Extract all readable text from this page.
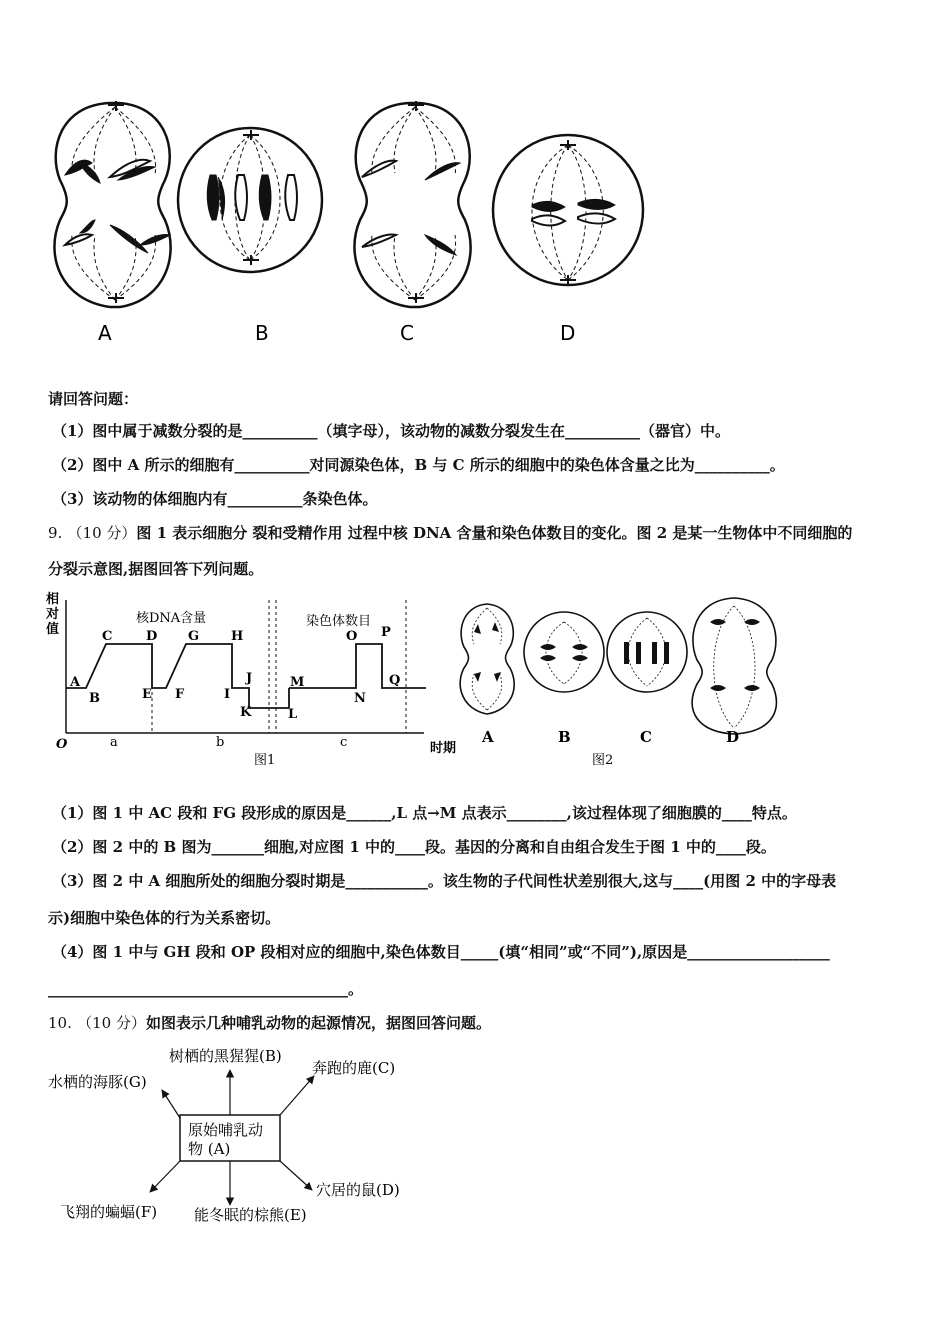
A	B	C	D
请回答问题：
（1）图中属于减数分裂的是__________（填字母），该动物的减数分裂发生在__________（器官）中。
（2）图中 A 所示的细胞有__________对同源染色体，B 与 C 所示的细胞中的染色体含量之比为__________。
（3）该动物的体细胞内有__________条染色体。
9. （10 分）图 1 表示细胞分 裂和受精作用 过程中核 DNA 含量和染色体数目的变化。图 2 是某一生物体中不同细胞的
分裂示意图,据图回答下列问题。
相
对
值
O	时期
核DNA含量	染色体数目
A
B
C	D
E F
G H
I
J
K	L
M
N
O P
Q
a	b	c
图1
A	B	C	D
图2
（1）图 1 中 AC 段和 FG 段形成的原因是______,L 点→M 点表示________,该过程体现了细胞膜的____特点。
（2）图 2 中的 B 图为_______细胞,对应图 1 中的____段。基因的分离和自由组合发生于图 1 中的____段。
（3）图 2 中 A 细胞所处的细胞分裂时期是___________。该生物的子代间性状差别很大,这与____(用图 2 中的字母表
示)细胞中染色体的行为关系密切。
（4）图 1 中与 GH 段和 OP 段相对应的细胞中,染色体数目_____(填“相同”或“不同”),原因是___________________
________________________________________。
10. （10 分）如图表示几种哺乳动物的起源情况，据图回答问题。
原始哺乳动
物 (A)
树栖的黑猩猩(B)
奔跑的鹿(C)
水栖的海豚(G)
穴居的鼠(D)
飞翔的蝙蝠(F) 能冬眠的棕熊(E)
